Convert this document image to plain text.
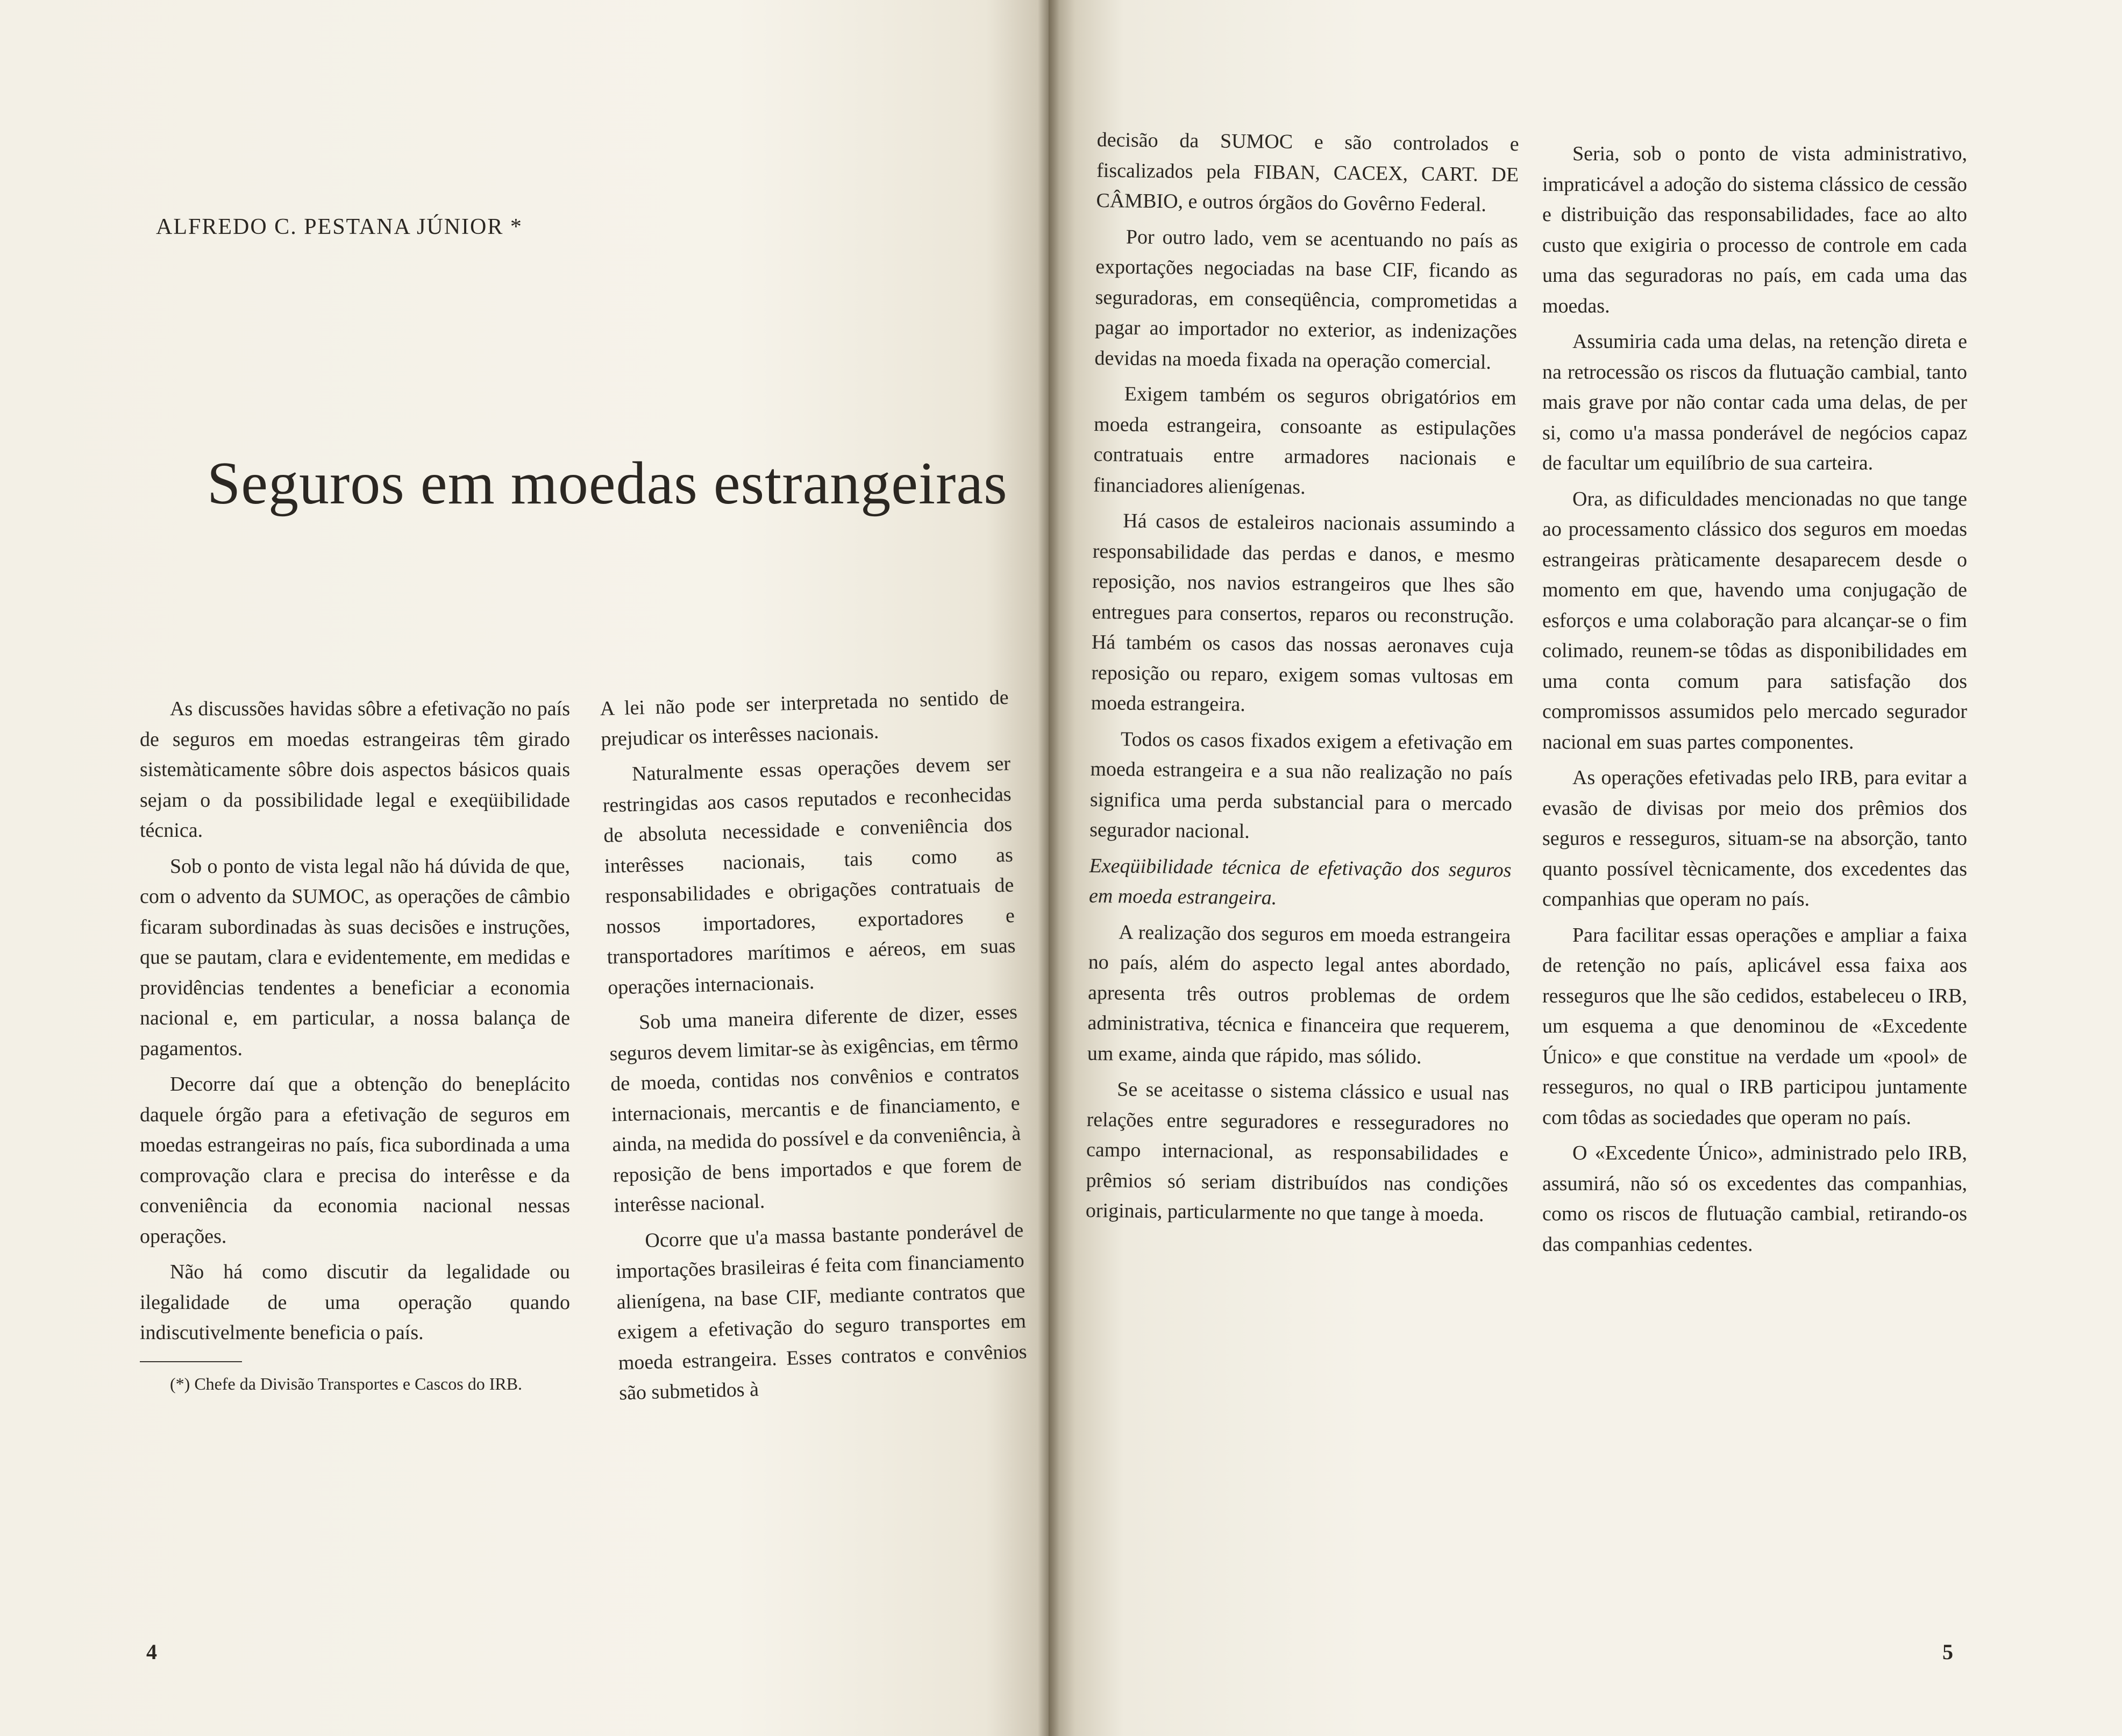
ALFREDO C. PESTANA JÚNIOR *
Seguros em moedas estrangeiras

As discussões havidas sôbre a efetivação no país de seguros em moedas estrangeiras têm girado sistemàticamente sôbre dois aspectos básicos quais sejam o da possibilidade legal e exeqüibilidade técnica.

Sob o ponto de vista legal não há dúvida de que, com o advento da SUMOC, as operações de câmbio ficaram subordinadas às suas decisões e instruções, que se pautam, clara e evidentemente, em medidas e providências tendentes a beneficiar a economia nacional e, em particular, a nossa balança de pagamentos.

Decorre daí que a obtenção do beneplácito daquele órgão para a efetivação de seguros em moedas estrangeiras no país, fica subordinada a uma comprovação clara e precisa do interêsse e da conveniência da economia nacional nessas operações.

Não há como discutir da legalidade ou ilegalidade de uma operação quando indiscutivelmente beneficia o país.

(*) Chefe da Divisão Transportes e Cascos do IRB.

A lei não pode ser interpretada no sentido de prejudicar os interêsses nacionais.

Naturalmente essas operações devem ser restringidas aos casos reputados e reconhecidas de absoluta necessidade e conveniência dos interêsses nacionais, tais como as responsabilidades e obrigações contratuais de nossos importadores, exportadores e transportadores marítimos e aéreos, em suas operações internacionais.

Sob uma maneira diferente de dizer, esses seguros devem limitar-se às exigências, em têrmo de moeda, contidas nos convênios e contratos internacionais, mercantis e de financiamento, e ainda, na medida do possível e da conveniência, à reposição de bens importados e que forem de interêsse nacional.

Ocorre que u'a massa bastante ponderável de importações brasileiras é feita com financiamento alienígena, na base CIF, mediante contratos que exigem a efetivação do seguro transportes em moeda estrangeira. Esses contratos e convênios são submetidos à

4

decisão da SUMOC e são controlados e fiscalizados pela FIBAN, CACEX, CART. DE CÂMBIO, e outros órgãos do Govêrno Federal.

Por outro lado, vem se acentuando no país as exportações negociadas na base CIF, ficando as seguradoras, em conseqüência, comprometidas a pagar ao importador no exterior, as indenizações devidas na moeda fixada na operação comercial.

Exigem também os seguros obrigatórios em moeda estrangeira, consoante as estipulações contratuais entre armadores nacionais e financiadores alienígenas.

Há casos de estaleiros nacionais assumindo a responsabilidade das perdas e danos, e mesmo reposição, nos navios estrangeiros que lhes são entregues para consertos, reparos ou reconstrução. Há também os casos das nossas aeronaves cuja reposição ou reparo, exigem somas vultosas em moeda estrangeira.

Todos os casos fixados exigem a efetivação em moeda estrangeira e a sua não realização no país significa uma perda substancial para o mercado segurador nacional.

Exeqüibilidade técnica de efetivação dos seguros em moeda estrangeira.

A realização dos seguros em moeda estrangeira no país, além do aspecto legal antes abordado, apresenta três outros problemas de ordem administrativa, técnica e financeira que requerem, um exame, ainda que rápido, mas sólido.

Se se aceitasse o sistema clássico e usual nas relações entre seguradores e resseguradores no campo internacional, as responsabilidades e prêmios só seriam distribuídos nas condições originais, particularmente no que tange à moeda.

Seria, sob o ponto de vista administrativo, impraticável a adoção do sistema clássico de cessão e distribuição das responsabilidades, face ao alto custo que exigiria o processo de controle em cada uma das seguradoras no país, em cada uma das moedas.

Assumiria cada uma delas, na retenção direta e na retrocessão os riscos da flutuação cambial, tanto mais grave por não contar cada uma delas, de per si, como u'a massa ponderável de negócios capaz de facultar um equilíbrio de sua carteira.

Ora, as dificuldades mencionadas no que tange ao processamento clássico dos seguros em moedas estrangeiras pràticamente desaparecem desde o momento em que, havendo uma conjugação de esforços e uma colaboração para alcançar-se o fim colimado, reunem-se tôdas as disponibilidades em uma conta comum para satisfação dos compromissos assumidos pelo mercado segurador nacional em suas partes componentes.

As operações efetivadas pelo IRB, para evitar a evasão de divisas por meio dos prêmios dos seguros e resseguros, situam-se na absorção, tanto quanto possível tècnicamente, dos excedentes das companhias que operam no país.

Para facilitar essas operações e ampliar a faixa de retenção no país, aplicável essa faixa aos resseguros que lhe são cedidos, estabeleceu o IRB, um esquema a que denominou de «Excedente Único» e que constitue na verdade um «pool» de resseguros, no qual o IRB participou juntamente com tôdas as sociedades que operam no país.

O «Excedente Único», administrado pelo IRB, assumirá, não só os excedentes das companhias, como os riscos de flutuação cambial, retirando-os das companhias cedentes.

5
